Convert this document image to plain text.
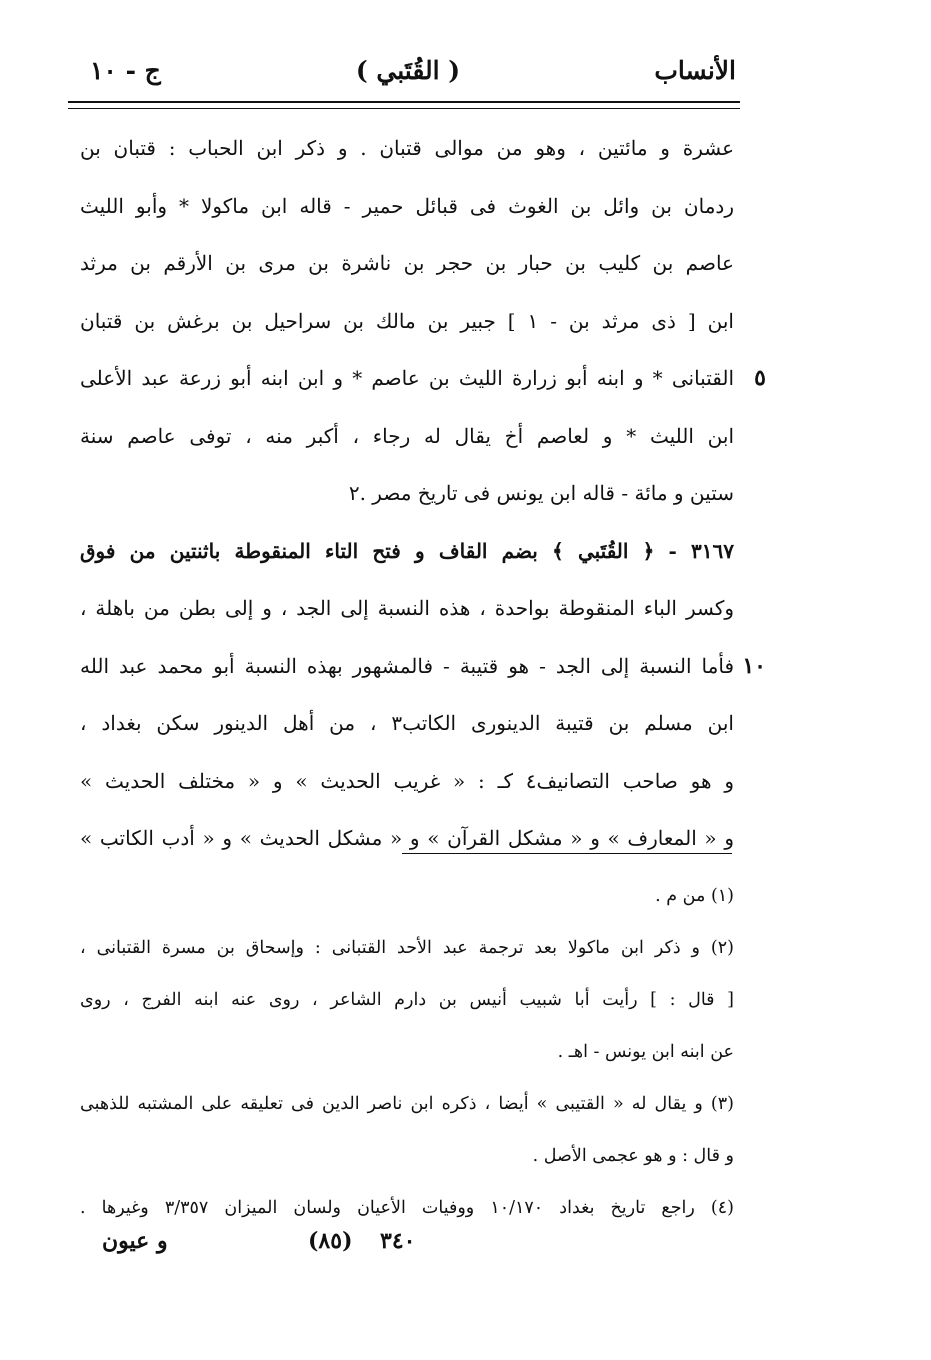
الأنساب
( القُتَبي )
ج - ١٠
عشرة و مائتين ، وهو من موالى قتبان . و ذكر ابن الحباب : قتبان بن
ردمان بن وائل بن الغوث فى قبائل حمير - قاله ابن ماكولا * وأبو الليث
عاصم بن كليب بن حبار بن حجر بن ناشرة بن مرى بن الأرقم بن مرثد
ابن [ ذى مرثد بن - ١ ] جبير بن مالك بن سراحيل بن برغش بن قتبان
٥
القتبانى * و ابنه أبو زرارة الليث بن عاصم * و ابن ابنه أبو زرعة عبد الأعلى
ابن الليث * و لعاصم أخ يقال له رجاء ، أكبر منه ، توفى عاصم سنة
ستين و مائة - قاله ابن يونس فى تاريخ مصر .٢
٣١٦٧ - ﴿ القُتَبي ﴾ بضم القاف و فتح التاء المنقوطة باثنتين من فوق
وكسر الباء المنقوطة بواحدة ، هذه النسبة إلى الجد ، و إلى بطن من باهلة ،
١٠
فأما النسبة إلى الجد - هو قتيبة - فالمشهور بهذه النسبة أبو محمد عبد الله
ابن مسلم بن قتيبة الدينورى الكاتب٣ ، من أهل الدينور سكن بغداد ،
و هو صاحب التصانيف٤ كـ : « غريب الحديث » و « مختلف الحديث »
و « المعارف » و « مشكل القرآن » و « مشكل الحديث » و « أدب الكاتب »
(١) من م .
(٢) و ذكر ابن ماكولا بعد ترجمة عبد الأحد القتبانى : وإسحاق بن مسرة القتبانى ،
[ قال : ] رأيت أبا شبيب أنيس بن دارم الشاعر ، روى عنه ابنه الفرج ، روى
عن ابنه ابن يونس - اهـ .
(٣) و يقال له « القتيبى » أيضا ، ذكره ابن ناصر الدين فى تعليقه على المشتبه للذهبى
و قال : و هو عجمى الأصل .
(٤) راجع تاريخ بغداد ١٠/١٧٠ ووفيات الأعيان ولسان الميزان ٣/٣٥٧ وغيرها .
٣٤٠
(٨٥)
و عيون
